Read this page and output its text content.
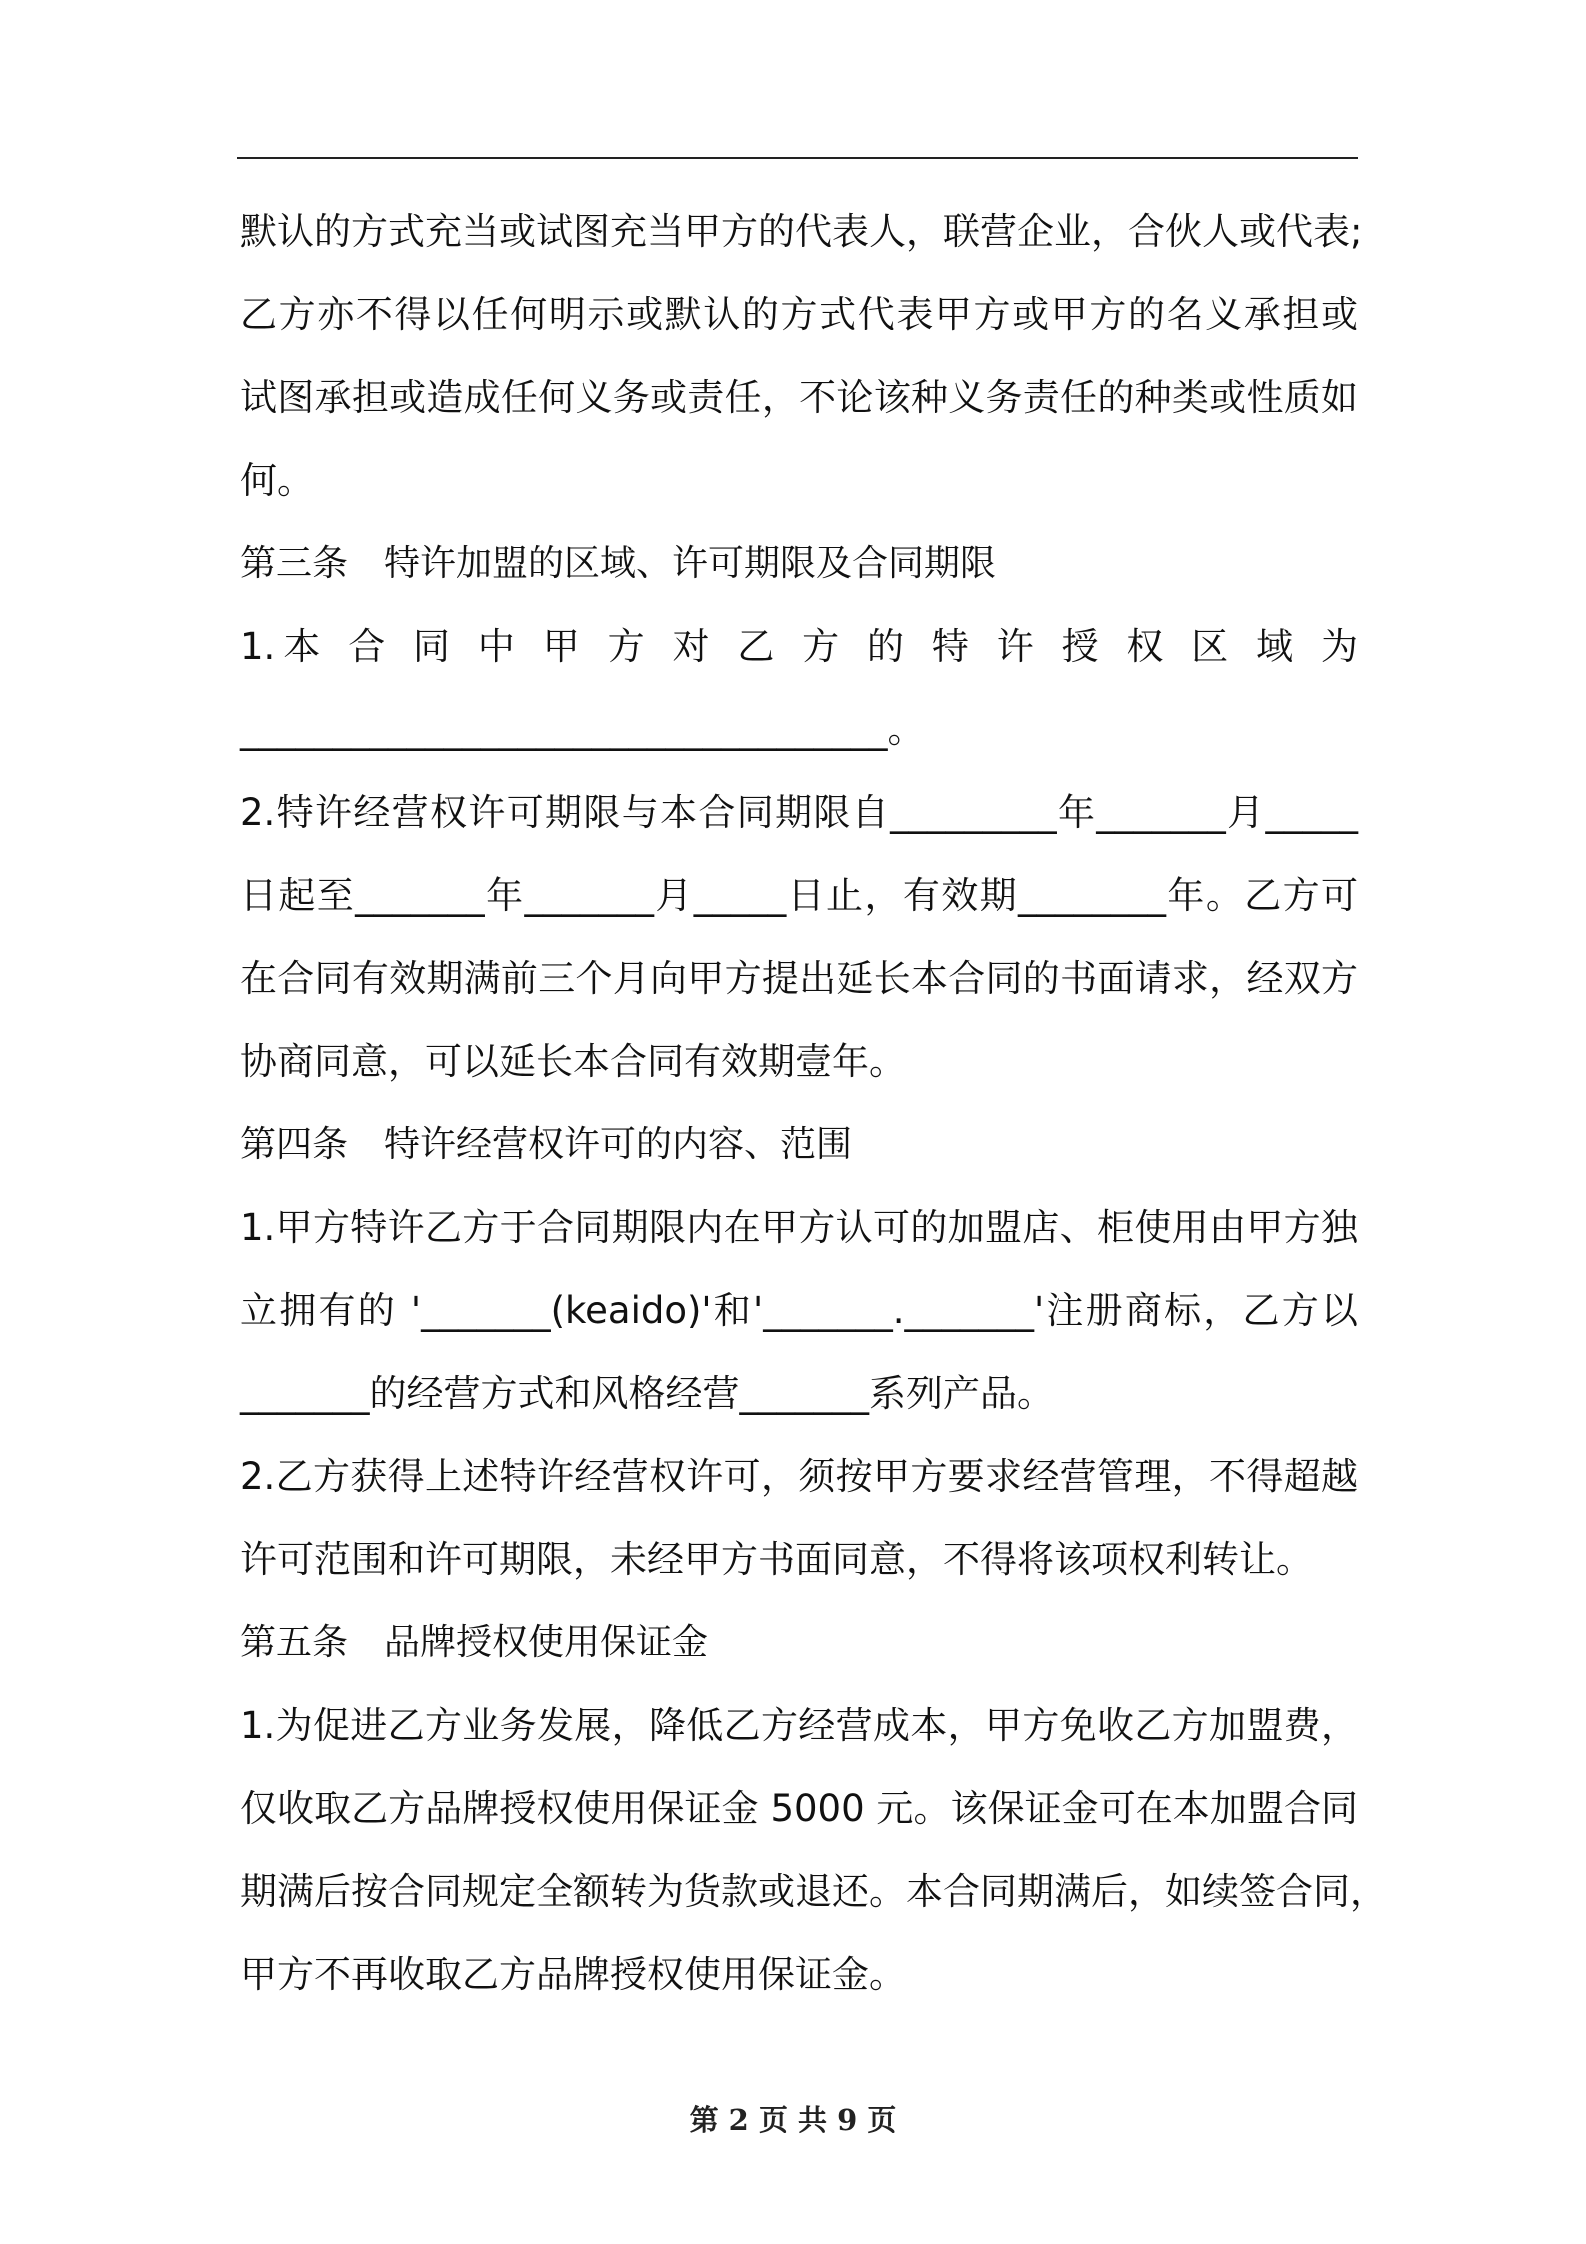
默认的方式充当或试图充当甲方的代表人，联营企业，合伙人或代表;
乙方亦不得以任何明示或默认的方式代表甲方或甲方的名义承担或
试图承担或造成任何义务或责任，不论该种义务责任的种类或性质如
何。
第三条　特许加盟的区域、许可期限及合同期限
1.本 合 同 中 甲 方 对 乙 方 的 特 许 授 权 区 域 为
___________________________________。
2.特许经营权许可期限与本合同期限自_________年_______月_____
日起至_______年_______月_____日止，有效期________年。乙方可
在合同有效期满前三个月向甲方提出延长本合同的书面请求，经双方
协商同意，可以延长本合同有效期壹年。
第四条　特许经营权许可的内容、范围
1.甲方特许乙方于合同期限内在甲方认可的加盟店、柜使用由甲方独
立拥有的 '_______(keaido)'和'_______._______'注册商标，乙方以
_______的经营方式和风格经营_______系列产品。
2.乙方获得上述特许经营权许可，须按甲方要求经营管理，不得超越
许可范围和许可期限，未经甲方书面同意，不得将该项权利转让。
第五条　品牌授权使用保证金
1.为促进乙方业务发展，降低乙方经营成本，甲方免收乙方加盟费，
仅收取乙方品牌授权使用保证金 5000 元。该保证金可在本加盟合同
期满后按合同规定全额转为货款或退还。本合同期满后，如续签合同，
甲方不再收取乙方品牌授权使用保证金。
第 2 页 共 9 页
